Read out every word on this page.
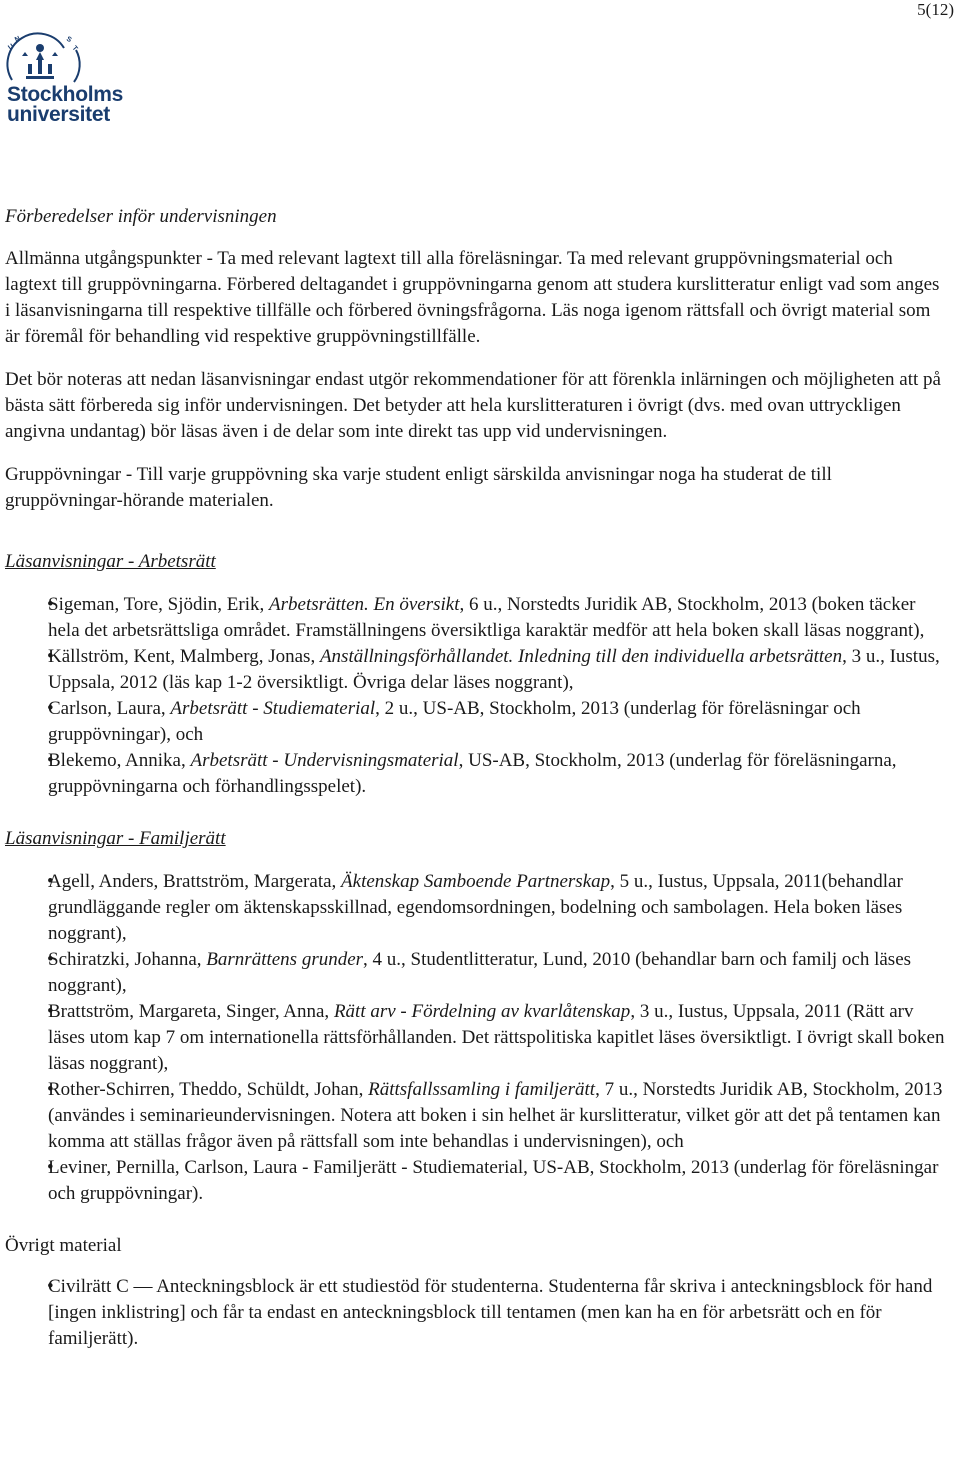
5(12)
U
N	S
T
Stockholms
universitet
Förberedelser inför undervisningen

Allmänna utgångspunkter - Ta med relevant lagtext till alla föreläsningar. Ta med relevant gruppövningsmaterial och lagtext till gruppövningarna. Förbered deltagandet i gruppövningarna genom att studera kurslitteratur enligt vad som anges i läsanvisningarna till respektive tillfälle och förbered övningsfrågorna. Läs noga igenom rättsfall och övrigt material som är föremål för behandling vid respektive gruppövningstillfälle.

Det bör noteras att nedan läsanvisningar endast utgör rekommendationer för att förenkla inlärningen och möjligheten att på bästa sätt förbereda sig inför undervisningen. Det betyder att hela kurslitteraturen i övrigt (dvs. med ovan uttryckligen angivna undantag) bör läsas även i de delar som inte direkt tas upp vid undervisningen.

Gruppövningar - Till varje gruppövning ska varje student enligt särskilda anvisningar noga ha studerat de till gruppövningar-hörande materialen.

Läsanvisningar - Arbetsrätt
Sigeman, Tore, Sjödin, Erik, Arbetsrätten. En översikt, 6 u., Norstedts Juridik AB, Stockholm, 2013 (boken täcker hela det arbetsrättsliga området. Framställningens översiktliga karaktär medför att hela boken skall läsas noggrant),
Källström, Kent, Malmberg, Jonas, Anställningsförhållandet. Inledning till den individuella arbetsrätten, 3 u., Iustus, Uppsala, 2012 (läs kap 1-2 översiktligt. Övriga delar läses noggrant),
Carlson, Laura, Arbetsrätt - Studiematerial, 2 u., US-AB, Stockholm, 2013 (underlag för föreläsningar och gruppövningar), och
Blekemo, Annika, Arbetsrätt - Undervisningsmaterial, US-AB, Stockholm, 2013 (underlag för föreläsningarna, gruppövningarna och förhandlingsspelet).
Läsanvisningar - Familjerätt
Agell, Anders, Brattström, Margerata, Äktenskap Samboende Partnerskap, 5 u., Iustus, Uppsala, 2011(behandlar grundläggande regler om äktenskapsskillnad, egendomsordningen, bodelning och sambolagen. Hela boken läses noggrant),
Schiratzki, Johanna, Barnrättens grunder, 4 u., Studentlitteratur, Lund, 2010 (behandlar barn och familj och läses noggrant),
Brattström, Margareta, Singer, Anna, Rätt arv - Fördelning av kvarlåtenskap, 3 u., Iustus, Uppsala, 2011 (Rätt arv läses utom kap 7 om internationella rättsförhållanden. Det rättspolitiska kapitlet läses översiktligt. I övrigt skall boken läsas noggrant),
Rother-Schirren, Theddo, Schüldt, Johan, Rättsfallssamling i familjerätt, 7 u., Norstedts Juridik AB, Stockholm, 2013 (användes i seminarieundervisningen. Notera att boken i sin helhet är kurslitteratur, vilket gör att det på tentamen kan komma att ställas frågor även på rättsfall som inte behandlas i undervisningen), och
Leviner, Pernilla, Carlson, Laura - Familjerätt - Studiematerial, US-AB, Stockholm, 2013 (underlag för föreläsningar och gruppövningar).
Övrigt material
Civilrätt C — Anteckningsblock är ett studiestöd för studenterna. Studenterna får skriva i anteckningsblock för hand [ingen inklistring] och får ta endast en anteckningsblock till tentamen (men kan ha en för arbetsrätt och en för familjerätt).
